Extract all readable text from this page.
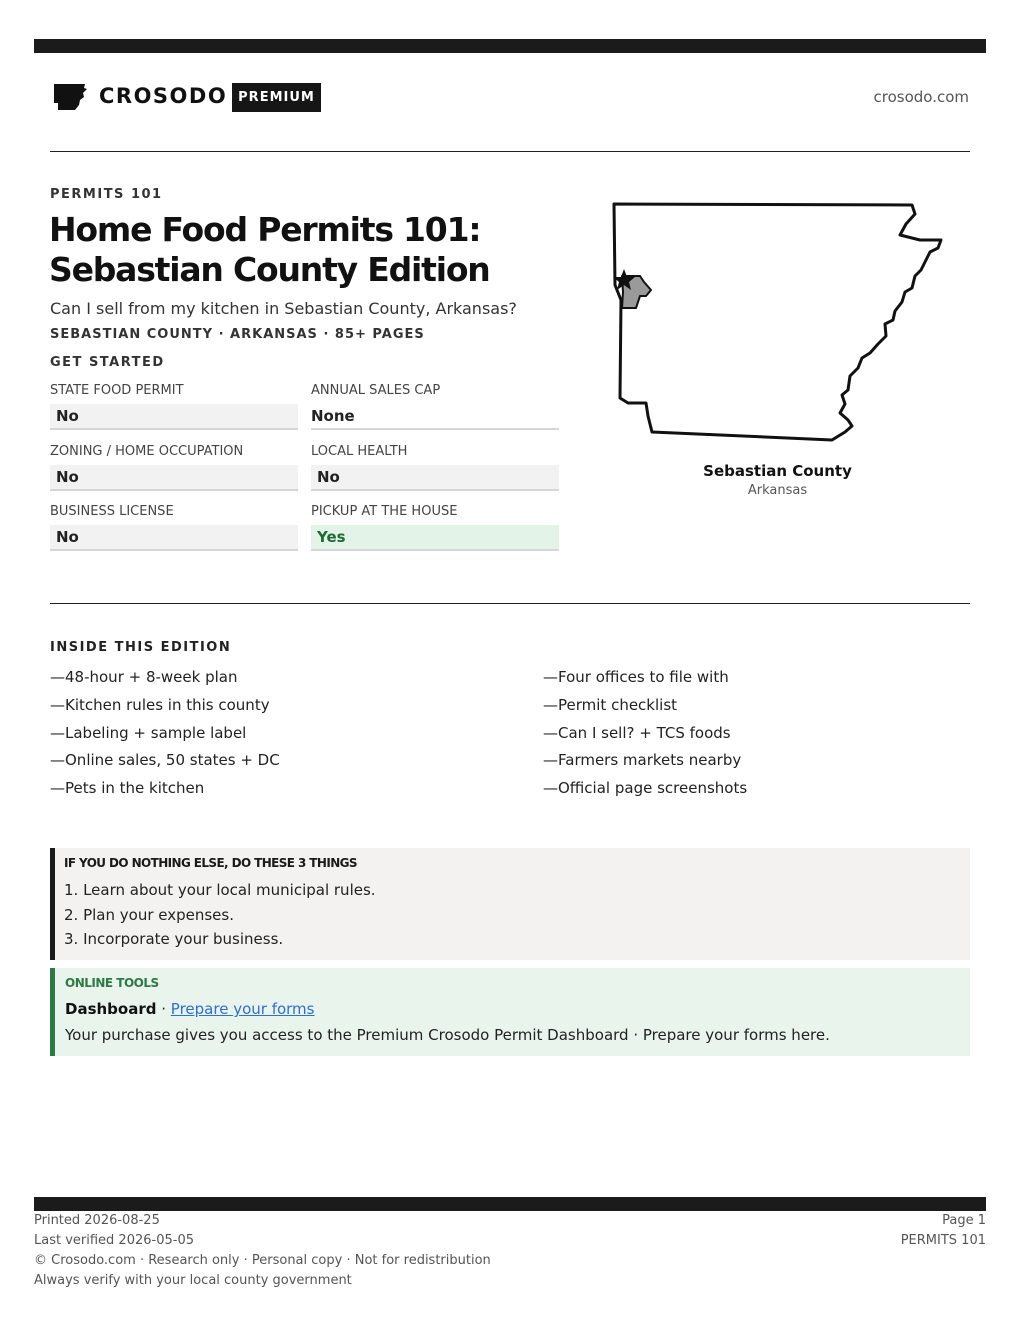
CROSODO PREMIUM	crosodo.com
PERMITS 101
Home Food Permits 101:
Sebastian County Edition
Can I sell from my kitchen in Sebastian County, Arkansas?
SEBASTIAN COUNTY · ARKANSAS · 85+ PAGES
GET STARTED
STATE FOOD PERMIT
No
ANNUAL SALES CAP
None
ZONING / HOME OCCUPATION
No
LOCAL HEALTH
No
BUSINESS LICENSE
No
PICKUP AT THE HOUSE
Yes
Sebastian County
Arkansas
INSIDE THIS EDITION
—48-hour + 8-week plan
—Kitchen rules in this county
—Labeling + sample label
—Online sales, 50 states + DC
—Pets in the kitchen
—Four offices to file with
—Permit checklist
—Can I sell? + TCS foods
—Farmers markets nearby
—Official page screenshots
IF YOU DO NOTHING ELSE, DO THESE 3 THINGS
1. Learn about your local municipal rules.
2. Plan your expenses.
3. Incorporate your business.
ONLINE TOOLS
Dashboard · Prepare your forms
Your purchase gives you access to the Premium Crosodo Permit Dashboard · Prepare your forms here.
Printed 2026-08-25
Last verified 2026-05-05
© Crosodo.com · Research only · Personal copy · Not for redistribution
Always verify with your local county government
Page 1
PERMITS 101
